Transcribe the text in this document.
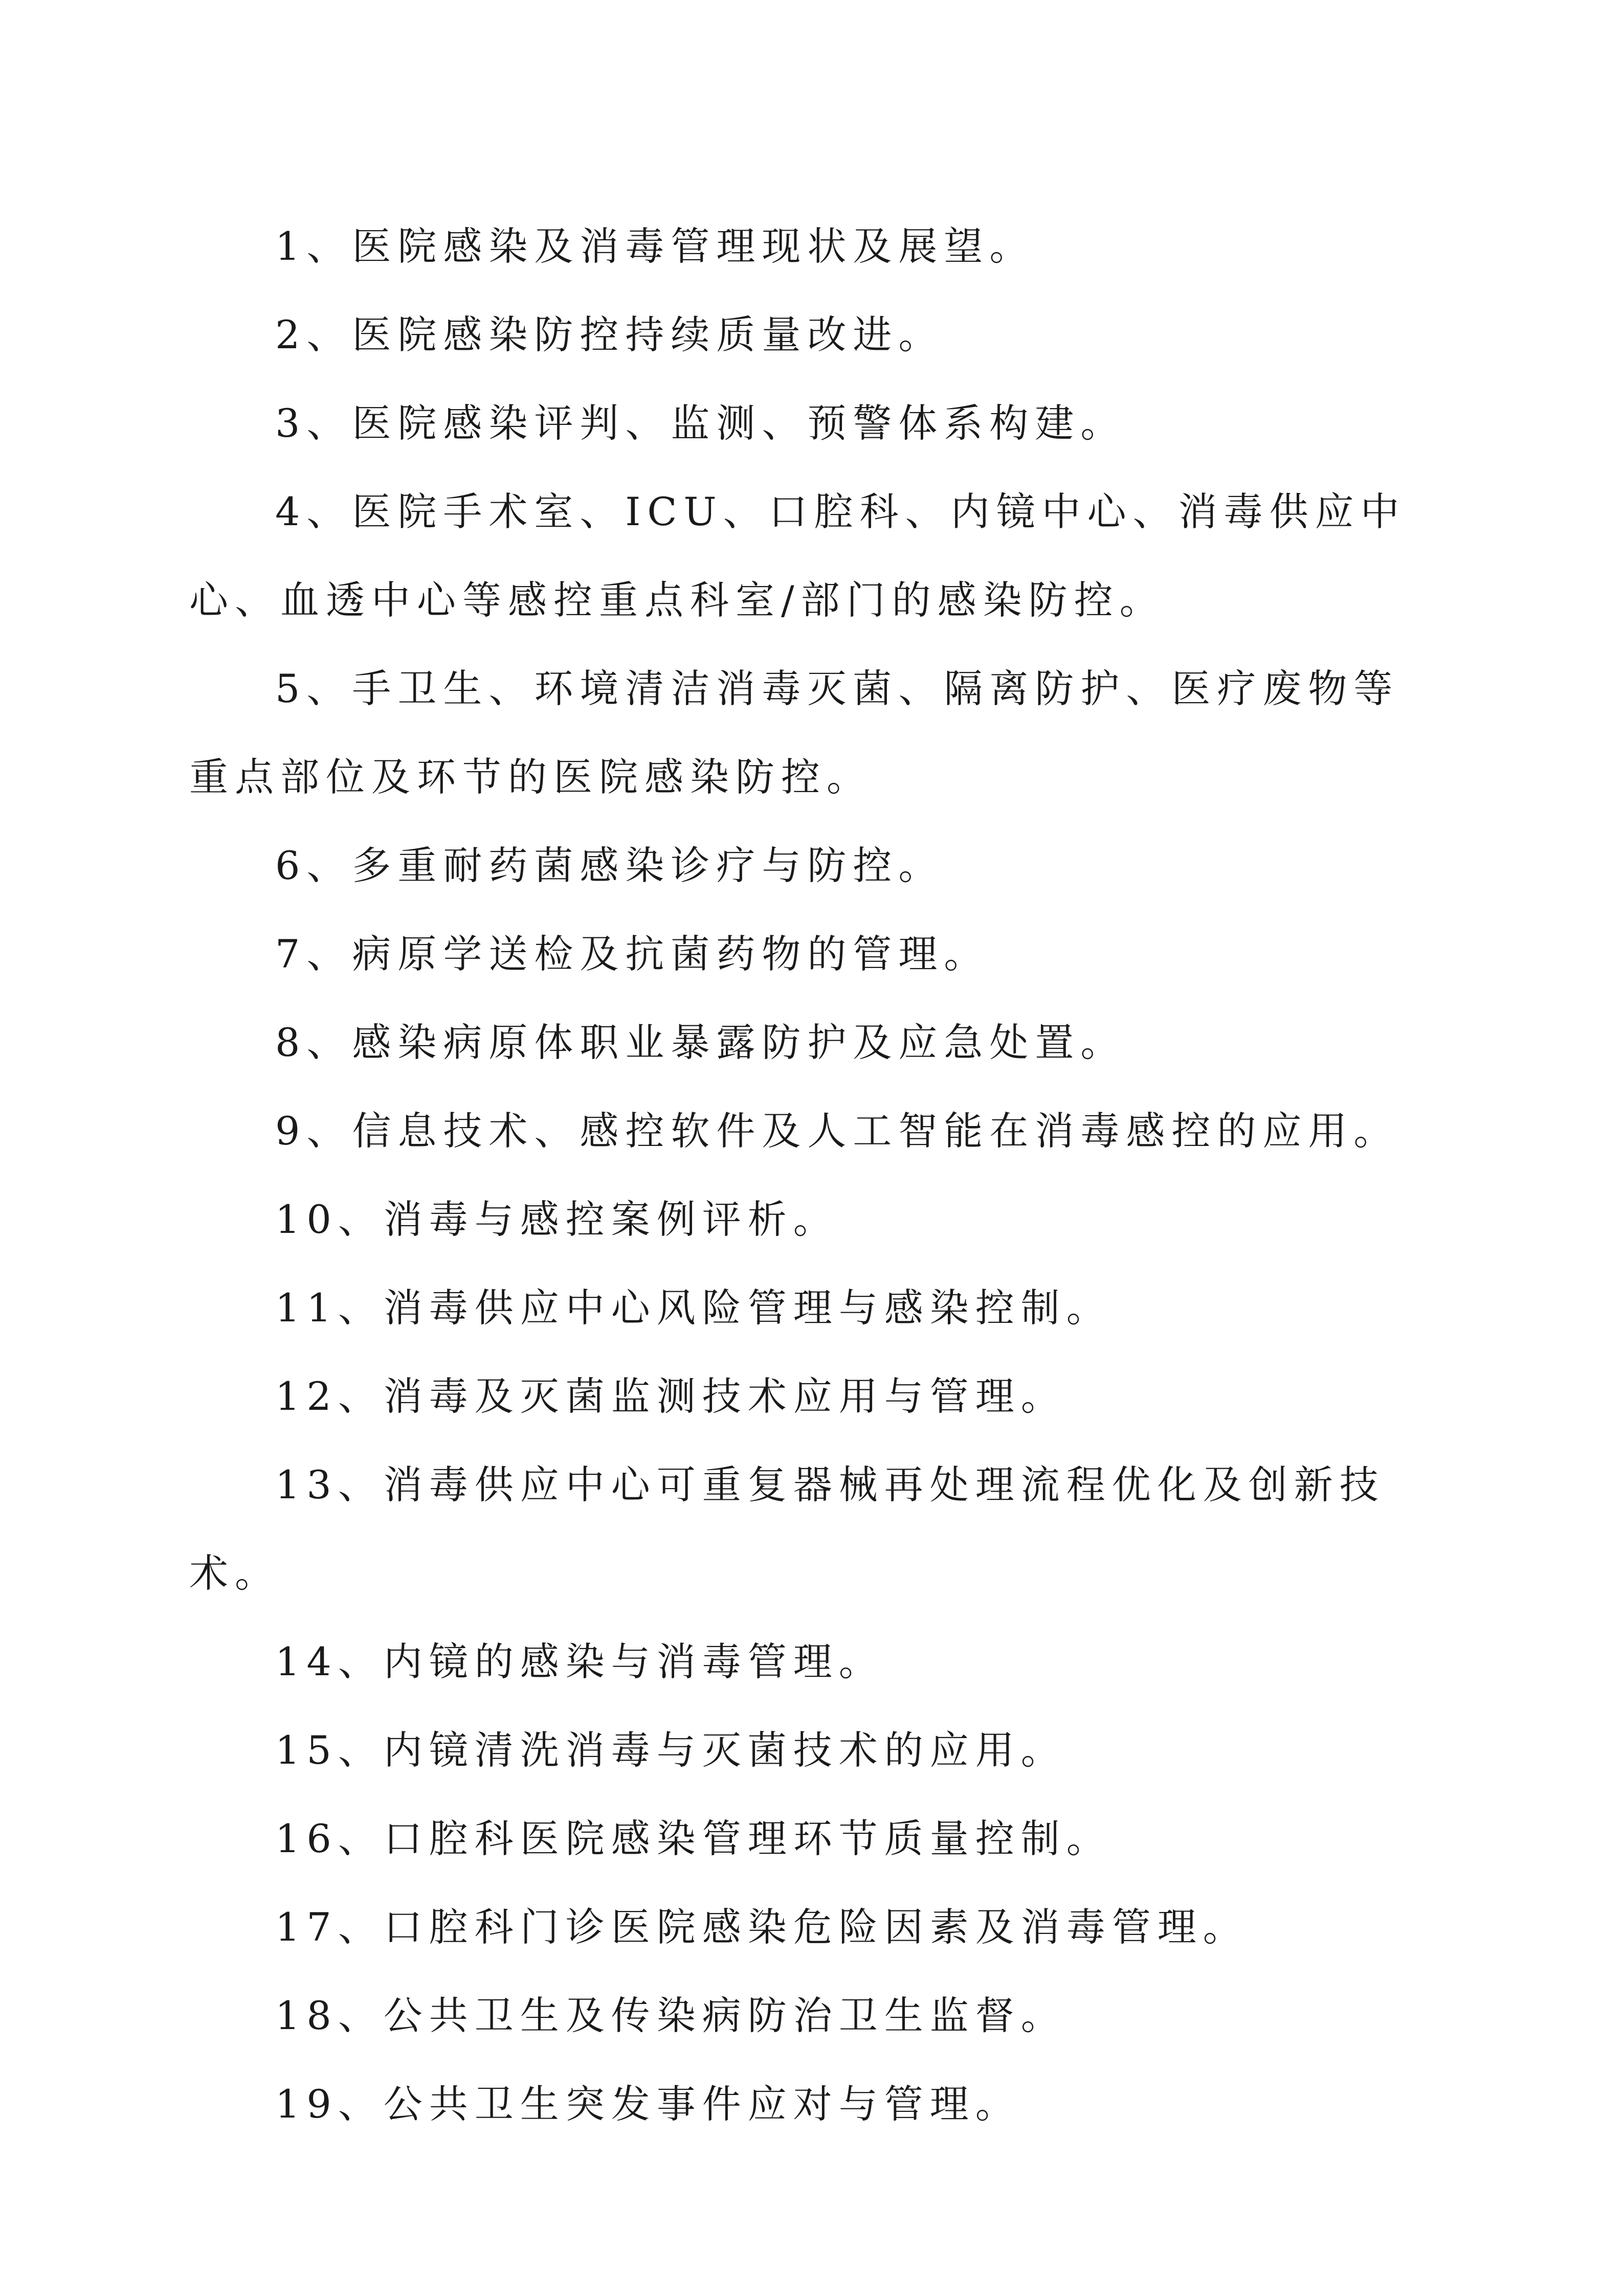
1、医院感染及消毒管理现状及展望。

2、医院感染防控持续质量改进。

3、医院感染评判、监测、预警体系构建。

4、医院手术室、ICU、口腔科、内镜中心、消毒供应中心、血透中心等感控重点科室/部门的感染防控。

5、手卫生、环境清洁消毒灭菌、隔离防护、医疗废物等重点部位及环节的医院感染防控。

6、多重耐药菌感染诊疗与防控。

7、病原学送检及抗菌药物的管理。

8、感染病原体职业暴露防护及应急处置。

9、信息技术、感控软件及人工智能在消毒感控的应用。

10、消毒与感控案例评析。

11、消毒供应中心风险管理与感染控制。

12、消毒及灭菌监测技术应用与管理。

13、消毒供应中心可重复器械再处理流程优化及创新技术。

14、内镜的感染与消毒管理。

15、内镜清洗消毒与灭菌技术的应用。

16、口腔科医院感染管理环节质量控制。

17、口腔科门诊医院感染危险因素及消毒管理。

18、公共卫生及传染病防治卫生监督。

19、公共卫生突发事件应对与管理。
